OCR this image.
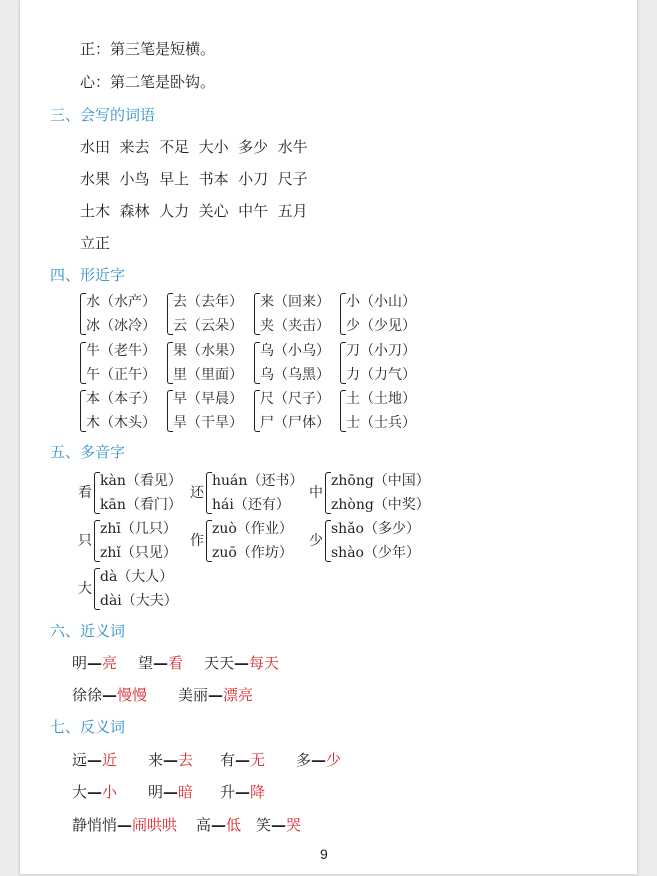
正：第三笔是短横。
心：第二笔是卧钩。
三、会写的词语
水田  来去  不足  大小  多少  水牛
水果  小鸟  早上  书本  小刀  尺子
土木  森林  人力  关心  中午  五月
立正
四、形近字
水（水产）
冰（冰冷）
去（去年）
云（云朵）
来（回来）
夹（夹击）
小（小山）
少（少见）
牛（老牛）
午（正午）
果（水果）
里（里面）
乌（小乌）
乌（乌黑）
刀（小刀）
力（力气）
本（本子）
木（木头）
早（早晨）
旱（干旱）
尺（尺子）
尸（尸体）
土（土地）
士（士兵）
五、多音字
看
kàn（看见）
kān（看门）
还
huán（还书）
hái（还有）
中
zhōng（中国）
zhòng（中奖）
只
zhī（几只）
zhǐ（只见）
作
zuò（作业）
zuō（作坊）
少
shǎo（多少）
shào（少年）
大
dà（大人）
dài（大夫）
六、近义词
明—亮 望—看 天天—每天
徐徐—慢慢 美丽—漂亮
七、反义词
远—近 来—去 有—无 多—少
大—小 明—暗 升—降
静悄悄—闹哄哄 高—低 笑—哭
9
